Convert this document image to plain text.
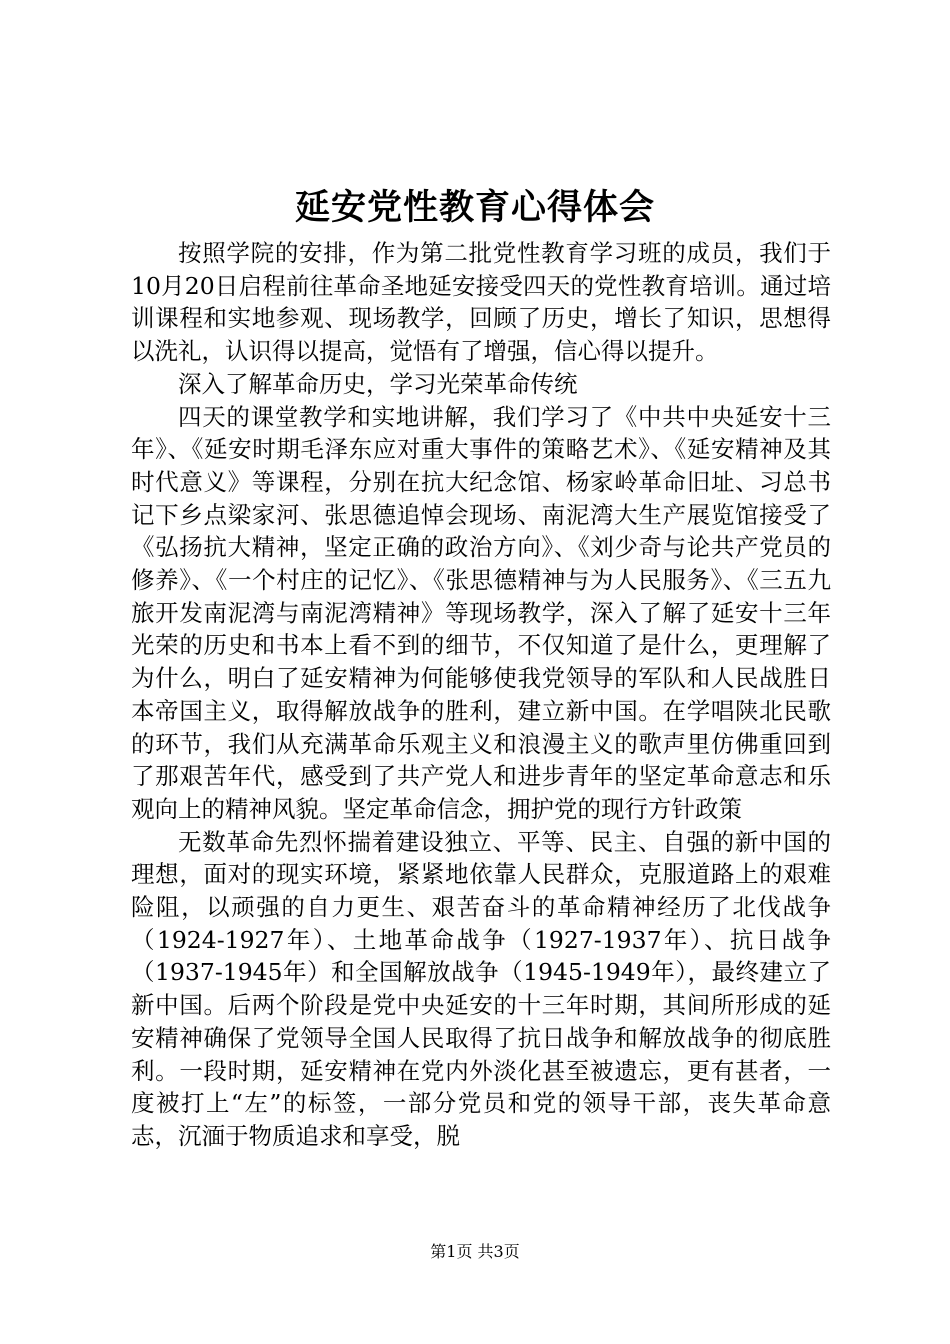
延安党性教育心得体会

按照学院的安排，作为第二批党性教育学习班的成员，我们于10月20日启程前往革命圣地延安接受四天的党性教育培训。通过培训课程和实地参观、现场教学，回顾了历史，增长了知识，思想得以洗礼，认识得以提高，觉悟有了增强，信心得以提升。

深入了解革命历史，学习光荣革命传统

四天的课堂教学和实地讲解，我们学习了《中共中央延安十三年》、《延安时期毛泽东应对重大事件的策略艺术》、《延安精神及其时代意义》等课程，分别在抗大纪念馆、杨家岭革命旧址、习总书记下乡点梁家河、张思德追悼会现场、南泥湾大生产展览馆接受了《弘扬抗大精神，坚定正确的政治方向》、《刘少奇与论共产党员的修养》、《一个村庄的记忆》、《张思德精神与为人民服务》、《三五九旅开发南泥湾与南泥湾精神》等现场教学，深入了解了延安十三年光荣的历史和书本上看不到的细节，不仅知道了是什么，更理解了为什么，明白了延安精神为何能够使我党领导的军队和人民战胜日本帝国主义，取得解放战争的胜利，建立新中国。在学唱陕北民歌的环节，我们从充满革命乐观主义和浪漫主义的歌声里仿佛重回到了那艰苦年代，感受到了共产党人和进步青年的坚定革命意志和乐观向上的精神风貌。坚定革命信念，拥护党的现行方针政策

无数革命先烈怀揣着建设独立、平等、民主、自强的新中国的理想，面对的现实环境，紧紧地依靠人民群众，克服道路上的艰难险阻，以顽强的自力更生、艰苦奋斗的革命精神经历了北伐战争（1924-1927年）、土地革命战争（1927-1937年）、抗日战争（1937-1945年）和全国解放战争（1945-1949年），最终建立了新中国。后两个阶段是党中央延安的十三年时期，其间所形成的延安精神确保了党领导全国人民取得了抗日战争和解放战争的彻底胜利。一段时期，延安精神在党内外淡化甚至被遗忘，更有甚者，一度被打上“左”的标签，一部分党员和党的领导干部，丧失革命意志，沉湎于物质追求和享受，脱

第1页 共3页
